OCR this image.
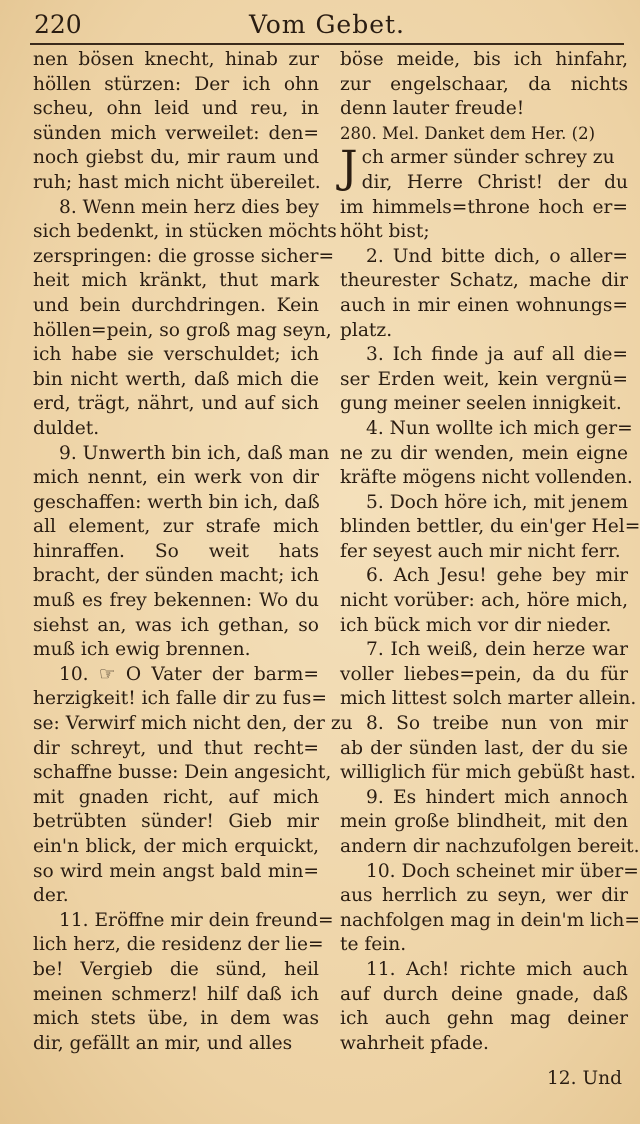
220	Vom Gebet.
nen bösen knecht, hinab zur
höllen stürzen: Der ich ohn
scheu, ohn leid und reu, in
sünden mich verweilet: den=
noch giebst du, mir raum und
ruh; hast mich nicht übereilet.
8. Wenn mein herz dies bey
sich bedenkt, in stücken möchts
zerspringen: die grosse sicher=
heit mich kränkt, thut mark
und bein durchdringen. Kein
höllen=pein, so groß mag seyn,
ich habe sie verschuldet; ich
bin nicht werth, daß mich die
erd, trägt, nährt, und auf sich
duldet.
9. Unwerth bin ich, daß man
mich nennt, ein werk von dir
geschaffen: werth bin ich, daß
all element, zur strafe mich
hinraffen. So weit hats
bracht, der sünden macht; ich
muß es frey bekennen: Wo du
siehst an, was ich gethan, so
muß ich ewig brennen.
10. ☞ O Vater der barm=
herzigkeit! ich falle dir zu fus=
se: Verwirf mich nicht den, der zu
dir schreyt, und thut recht=
schaffne busse: Dein angesicht,
mit gnaden richt, auf mich
betrübten sünder! Gieb mir
ein'n blick, der mich erquickt,
so wird mein angst bald min=
der.
11. Eröffne mir dein freund=
lich herz, die residenz der lie=
be! Vergieb die sünd, heil
meinen schmerz! hilf daß ich
mich stets übe, in dem was
dir, gefällt an mir, und alles
böse meide, bis ich hinfahr,
zur engelschaar, da nichts
denn lauter freude!
280. Mel. Danket dem Her. (2)
Jch armer sünder schrey zu
dir, Herre Christ! der du
im himmels=throne hoch er=
höht bist;
2. Und bitte dich, o aller=
theurester Schatz, mache dir
auch in mir einen wohnungs=
platz.
3. Ich finde ja auf all die=
ser Erden weit, kein vergnü=
gung meiner seelen innigkeit.
4. Nun wollte ich mich ger=
ne zu dir wenden, mein eigne
kräfte mögens nicht vollenden.
5. Doch höre ich, mit jenem
blinden bettler, du ein'ger Hel=
fer seyest auch mir nicht ferr.
6. Ach Jesu! gehe bey mir
nicht vorüber: ach, höre mich,
ich bück mich vor dir nieder.
7. Ich weiß, dein herze war
voller liebes=pein, da du für
mich littest solch marter allein.
8. So treibe nun von mir
ab der sünden last, der du sie
williglich für mich gebüßt hast.
9. Es hindert mich annoch
mein große blindheit, mit den
andern dir nachzufolgen bereit.
10. Doch scheinet mir über=
aus herrlich zu seyn, wer dir
nachfolgen mag in dein'm lich=
te fein.
11. Ach! richte mich auch
auf durch deine gnade, daß
ich auch gehn mag deiner
wahrheit pfade.
12. Und
